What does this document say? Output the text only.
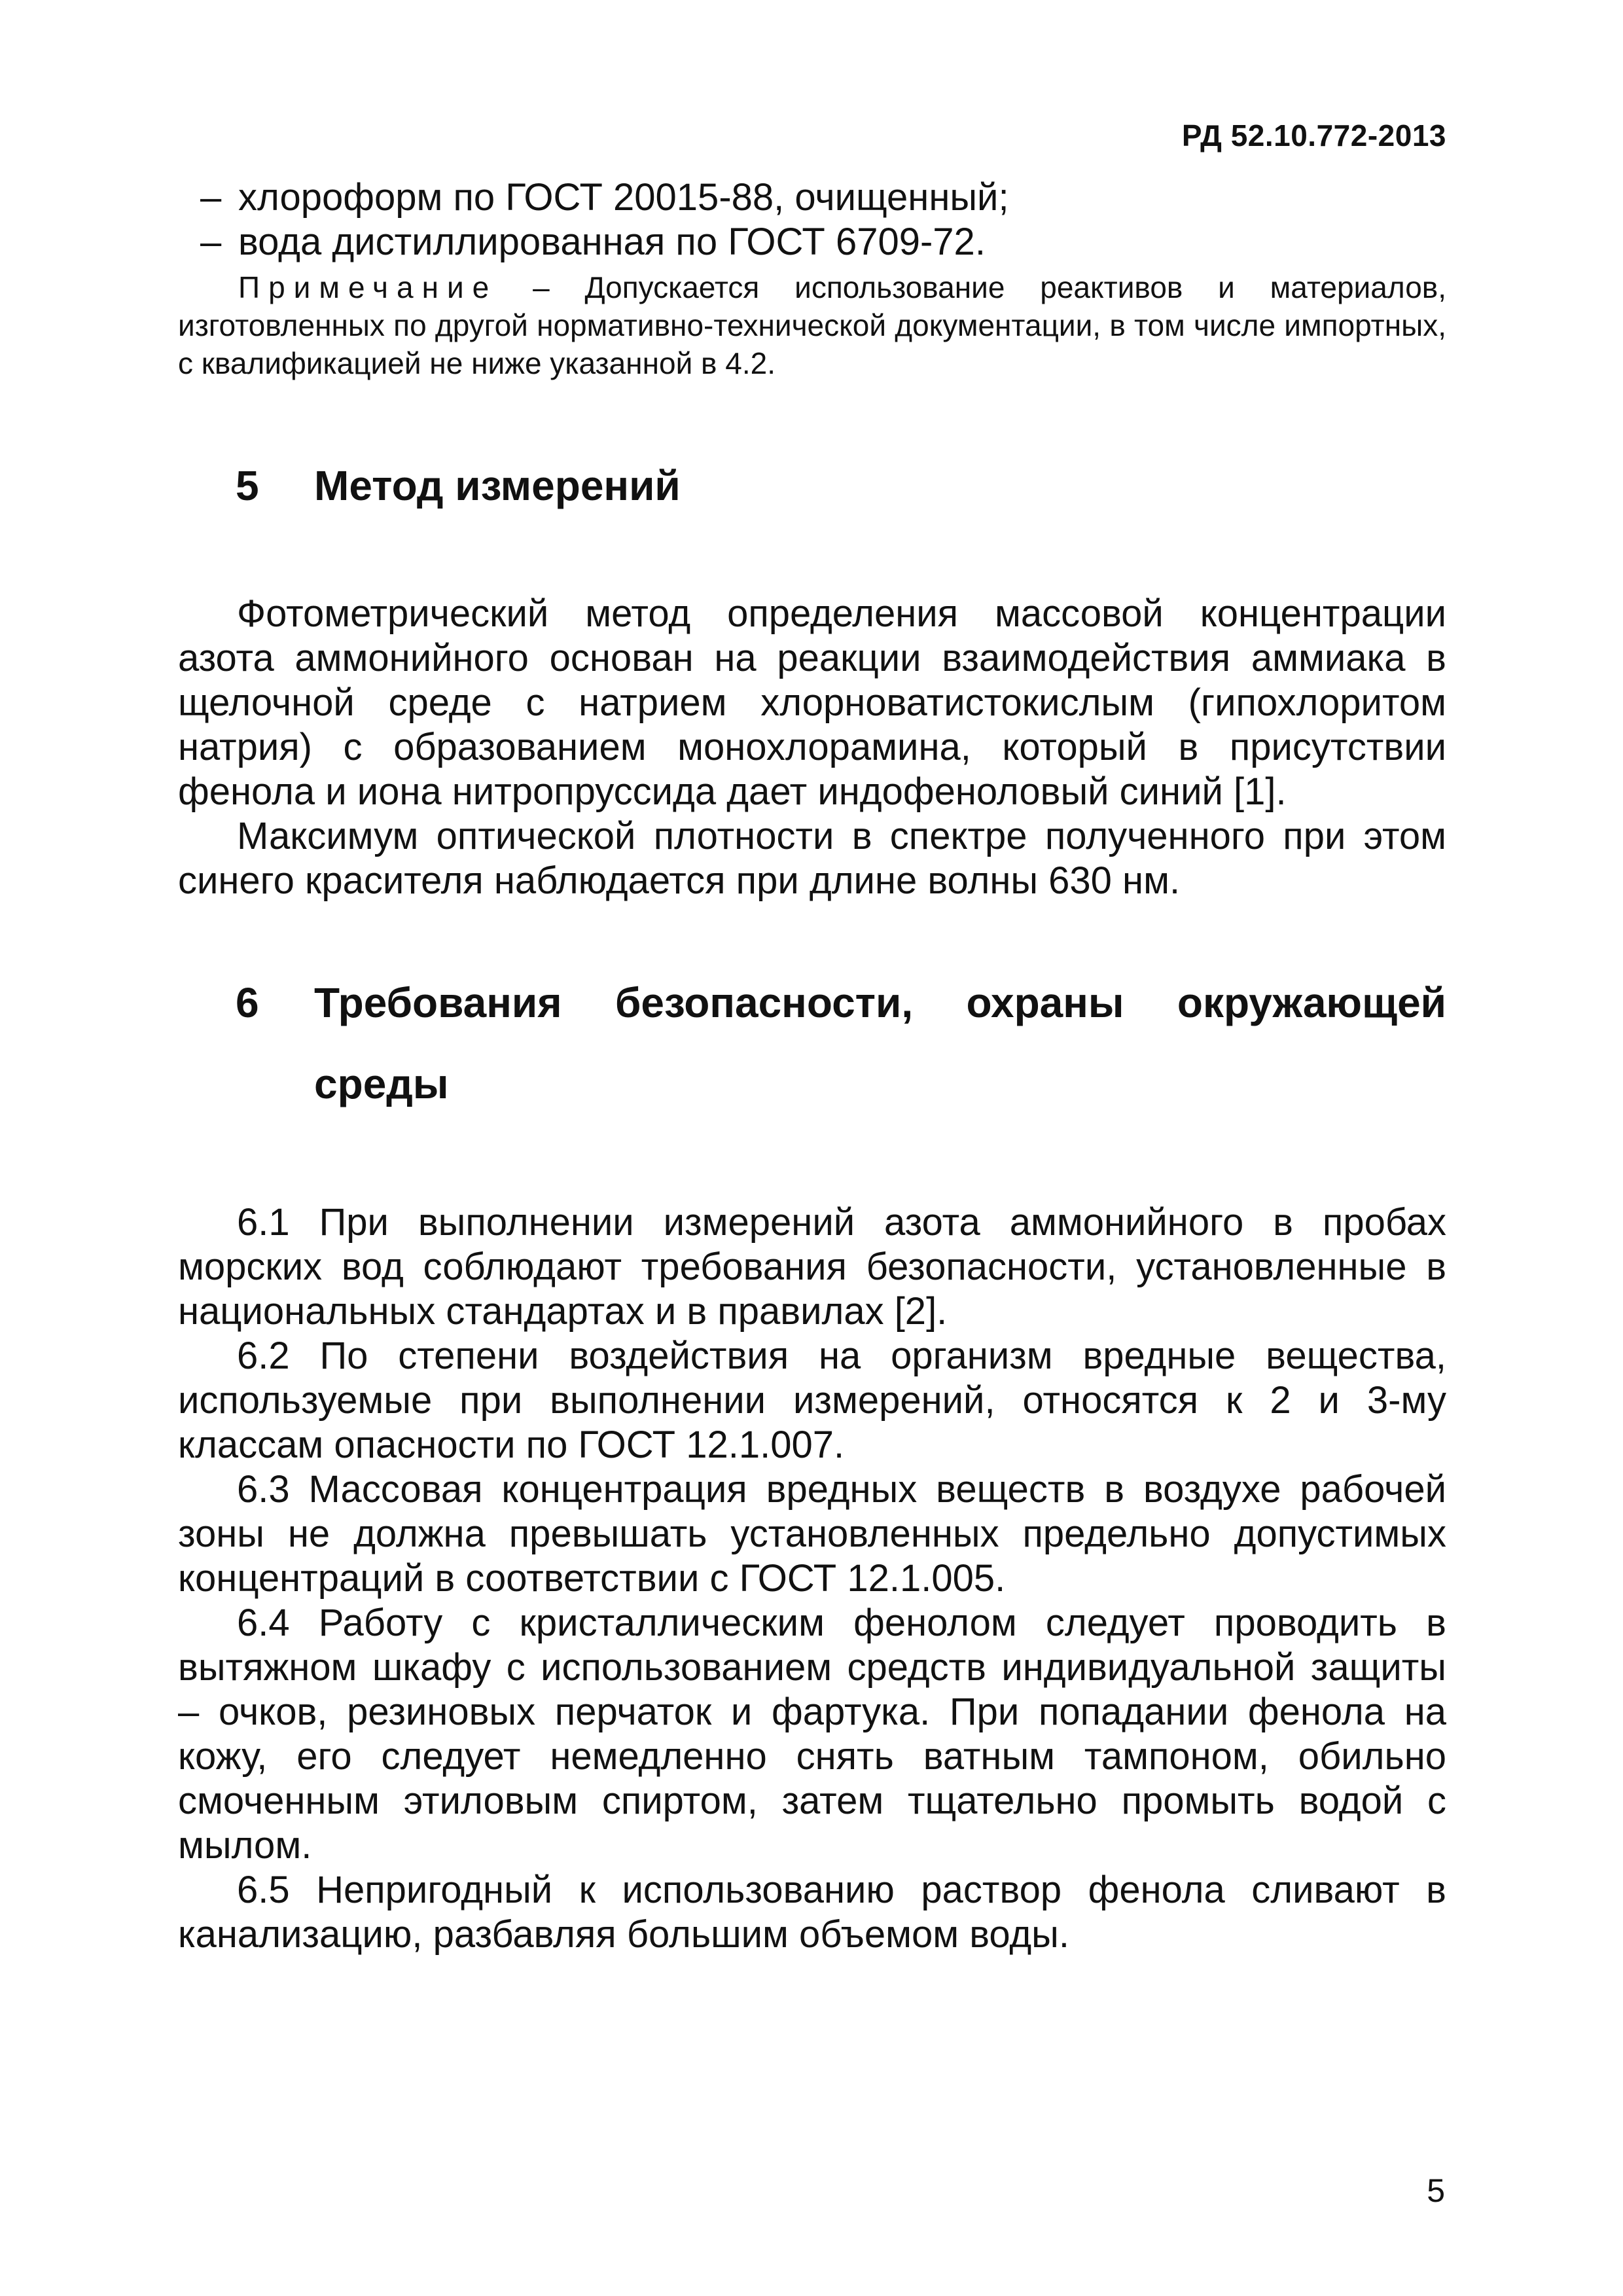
РД 52.10.772-2013

– хлороформ по ГОСТ 20015-88, очищенный;

– вода дистиллированная по ГОСТ 6709-72.

Примечание – Допускается использование реактивов и материалов, изготовленных по другой нормативно-технической документации, в том числе импортных, с квалификацией не ниже указанной в 4.2.

5	Метод измерений

Фотометрический метод определения массовой концентрации азота аммонийного основан на реакции взаимодействия аммиака в щелочной среде с натрием хлорноватистокислым (гипохлоритом натрия) с образованием монохлорамина, который в присутствии фенола и иона нитропруссида дает индофеноловый синий [1].

Максимум оптической плотности в спектре полученного при этом синего красителя наблюдается при длине волны 630 нм.

6	Требования безопасности, охраны окружающей
среды

6.1 При выполнении измерений азота аммонийного в пробах морских вод соблюдают требования безопасности, установленные в национальных стандартах и в правилах [2].

6.2 По степени воздействия на организм вредные вещества, используемые при выполнении измерений, относятся к 2 и 3-му классам опасности по ГОСТ 12.1.007.

6.3 Массовая концентрация вредных веществ в воздухе рабочей зоны не должна превышать установленных предельно допустимых концентраций в соответствии с ГОСТ 12.1.005.

6.4 Работу с кристаллическим фенолом следует проводить в вытяжном шкафу с использованием средств индивидуальной защиты – очков, резиновых перчаток и фартука. При попадании фенола на кожу, его следует немедленно снять ватным тампоном, обильно смоченным этиловым спиртом, затем тщательно промыть водой с мылом.

6.5 Непригодный к использованию раствор фенола сливают в канализацию, разбавляя большим объемом воды.

5
